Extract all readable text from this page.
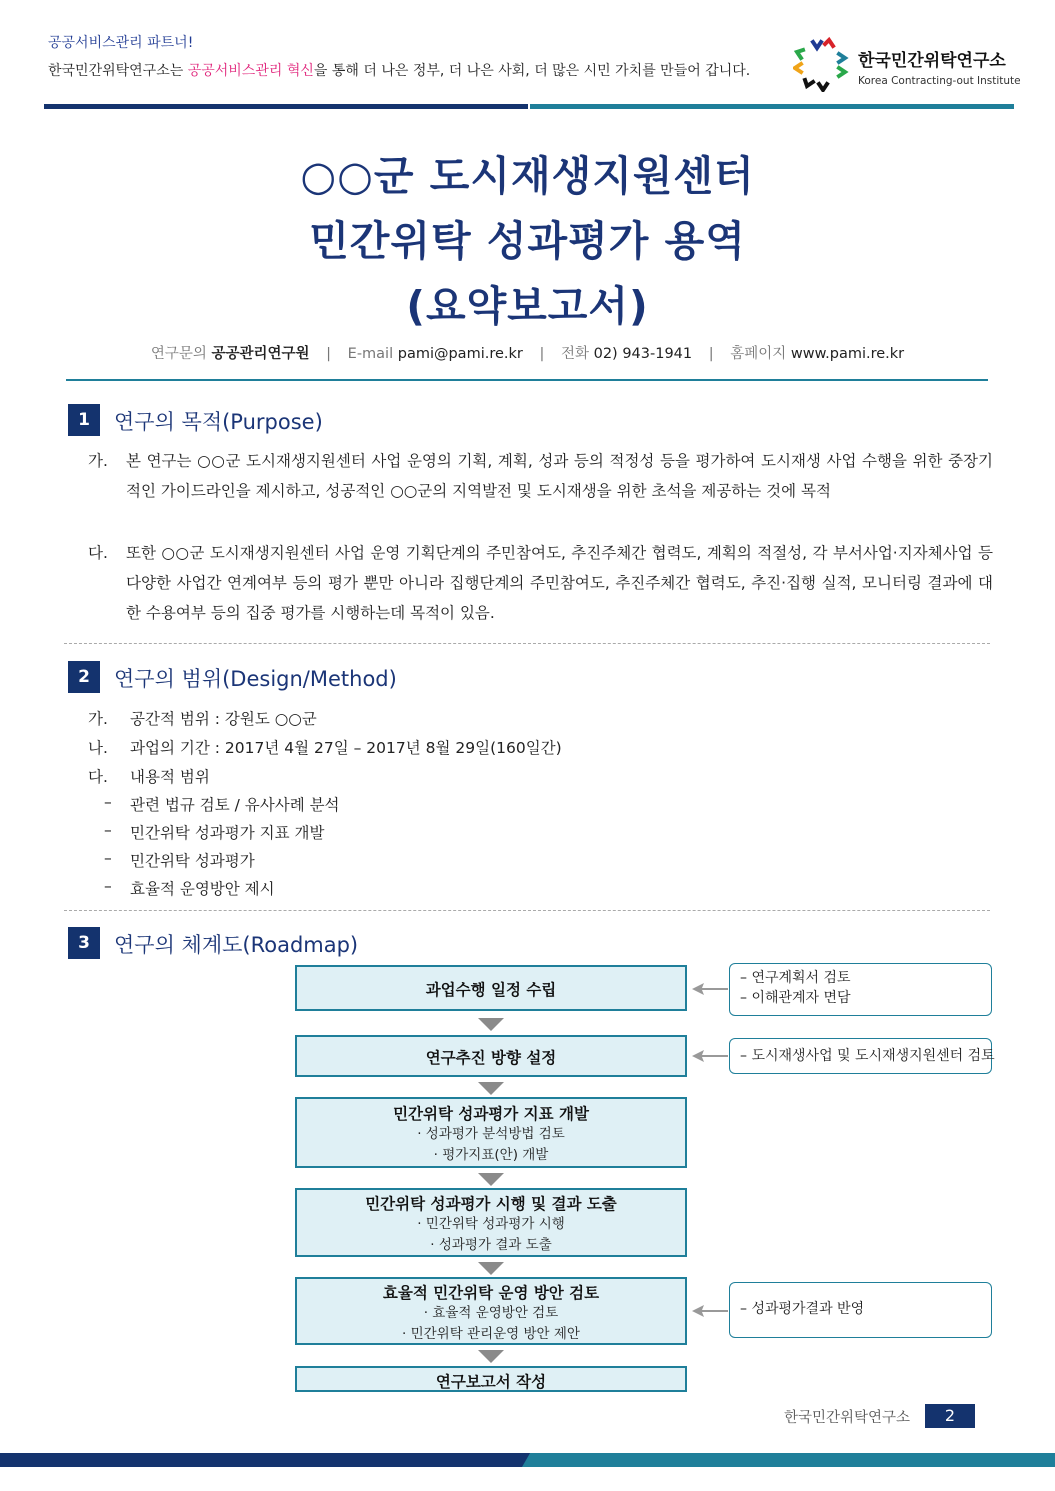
공공서비스관리 파트너!
한국민간위탁연구소는 공공서비스관리 혁신을 통해 더 나은 정부, 더 나은 사회, 더 많은 시민 가치를 만들어 갑니다.	한국민간위탁연구소
Korea Contracting-out Institute
○○군 도시재생지원센터
민간위탁 성과평가 용역
(요약보고서)
연구문의 공공관리연구원 | E-mail pami@pami.re.kr | 전화 02) 943-1941 | 홈페이지 www.pami.re.kr
1	연구의 목적(Purpose)
가. 본 연구는 ○○군 도시재생지원센터 사업 운영의 기획, 계획, 성과 등의 적정성 등을 평가하여 도시재생 사업 수행을 위한 중장기적인 가이드라인을 제시하고, 성공적인 ○○군의 지역발전 및 도시재생을 위한 초석을 제공하는 것에 목적
다. 또한 ○○군 도시재생지원센터 사업 운영 기획단계의 주민참여도, 추진주체간 협력도, 계획의 적절성, 각 부서사업·지자체사업 등 다양한 사업간 연계여부 등의 평가 뿐만 아니라 집행단계의 주민참여도, 추진주체간 협력도, 추진·집행 실적, 모니터링 결과에 대한 수용여부 등의 집중 평가를 시행하는데 목적이 있음.
2	연구의 범위(Design/Method)
가. 공간적 범위 : 강원도 ○○군
나. 과업의 기간 : 2017년 4월 27일 – 2017년 8월 29일(160일간)
다. 내용적 범위
– 관련 법규 검토 / 유사사례 분석
– 민간위탁 성과평가 지표 개발
– 민간위탁 성과평가
– 효율적 운영방안 제시
3	연구의 체계도(Roadmap)
과업수행 일정 수립
연구추진 방향 설정
민간위탁 성과평가 지표 개발
· 성과평가 분석방법 검토
· 평가지표(안) 개발
민간위탁 성과평가 시행 및 결과 도출
· 민간위탁 성과평가 시행
· 성과평가 결과 도출
효율적 민간위탁 운영 방안 검토
· 효율적 운영방안 검토
· 민간위탁 관리운영 방안 제안
연구보고서 작성
– 연구계획서 검토
– 이해관계자 면담
– 도시재생사업 및 도시재생지원센터 검토
– 성과평가결과 반영
한국민간위탁연구소	2
